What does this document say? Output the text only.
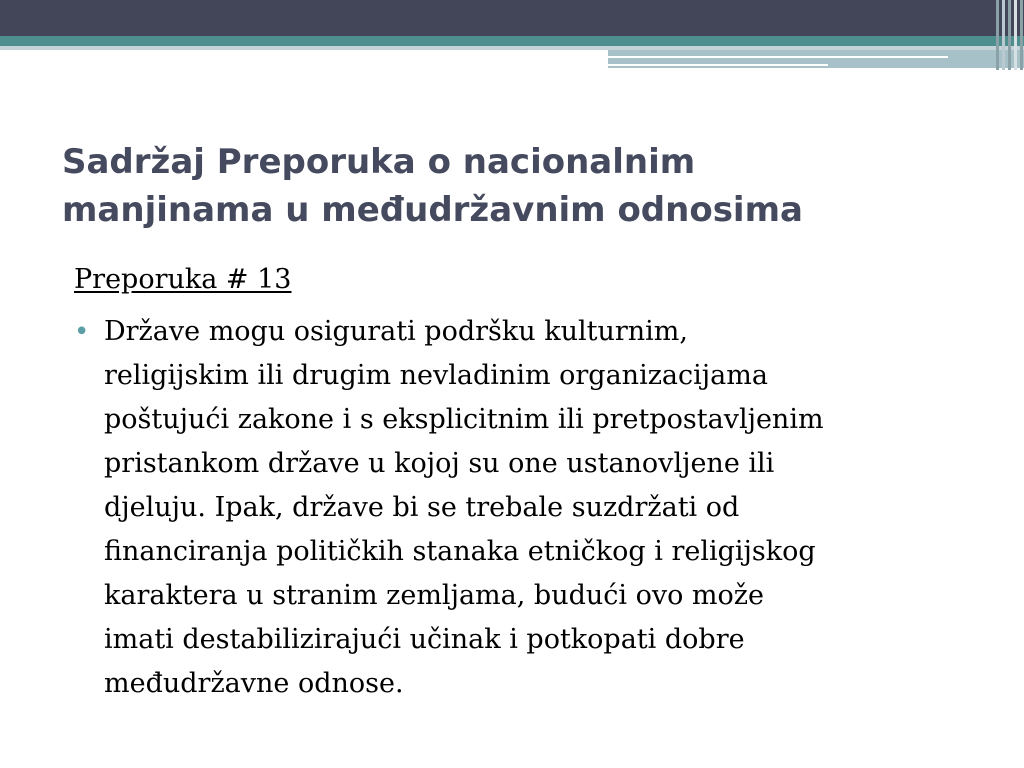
Sadržaj Preporuka o nacionalnim
manjinama u međudržavnim odnosima

Preporuka # 13

• Države mogu osigurati podršku kulturnim,
religijskim ili drugim nevladinim organizacijama
poštujući zakone i s eksplicitnim ili pretpostavljenim
pristankom države u kojoj su one ustanovljene ili
djeluju. Ipak, države bi se trebale suzdržati od
financiranja političkih stanaka etničkog i religijskog
karaktera u stranim zemljama, budući ovo može
imati destabilizirajući učinak i potkopati dobre
međudržavne odnose.
